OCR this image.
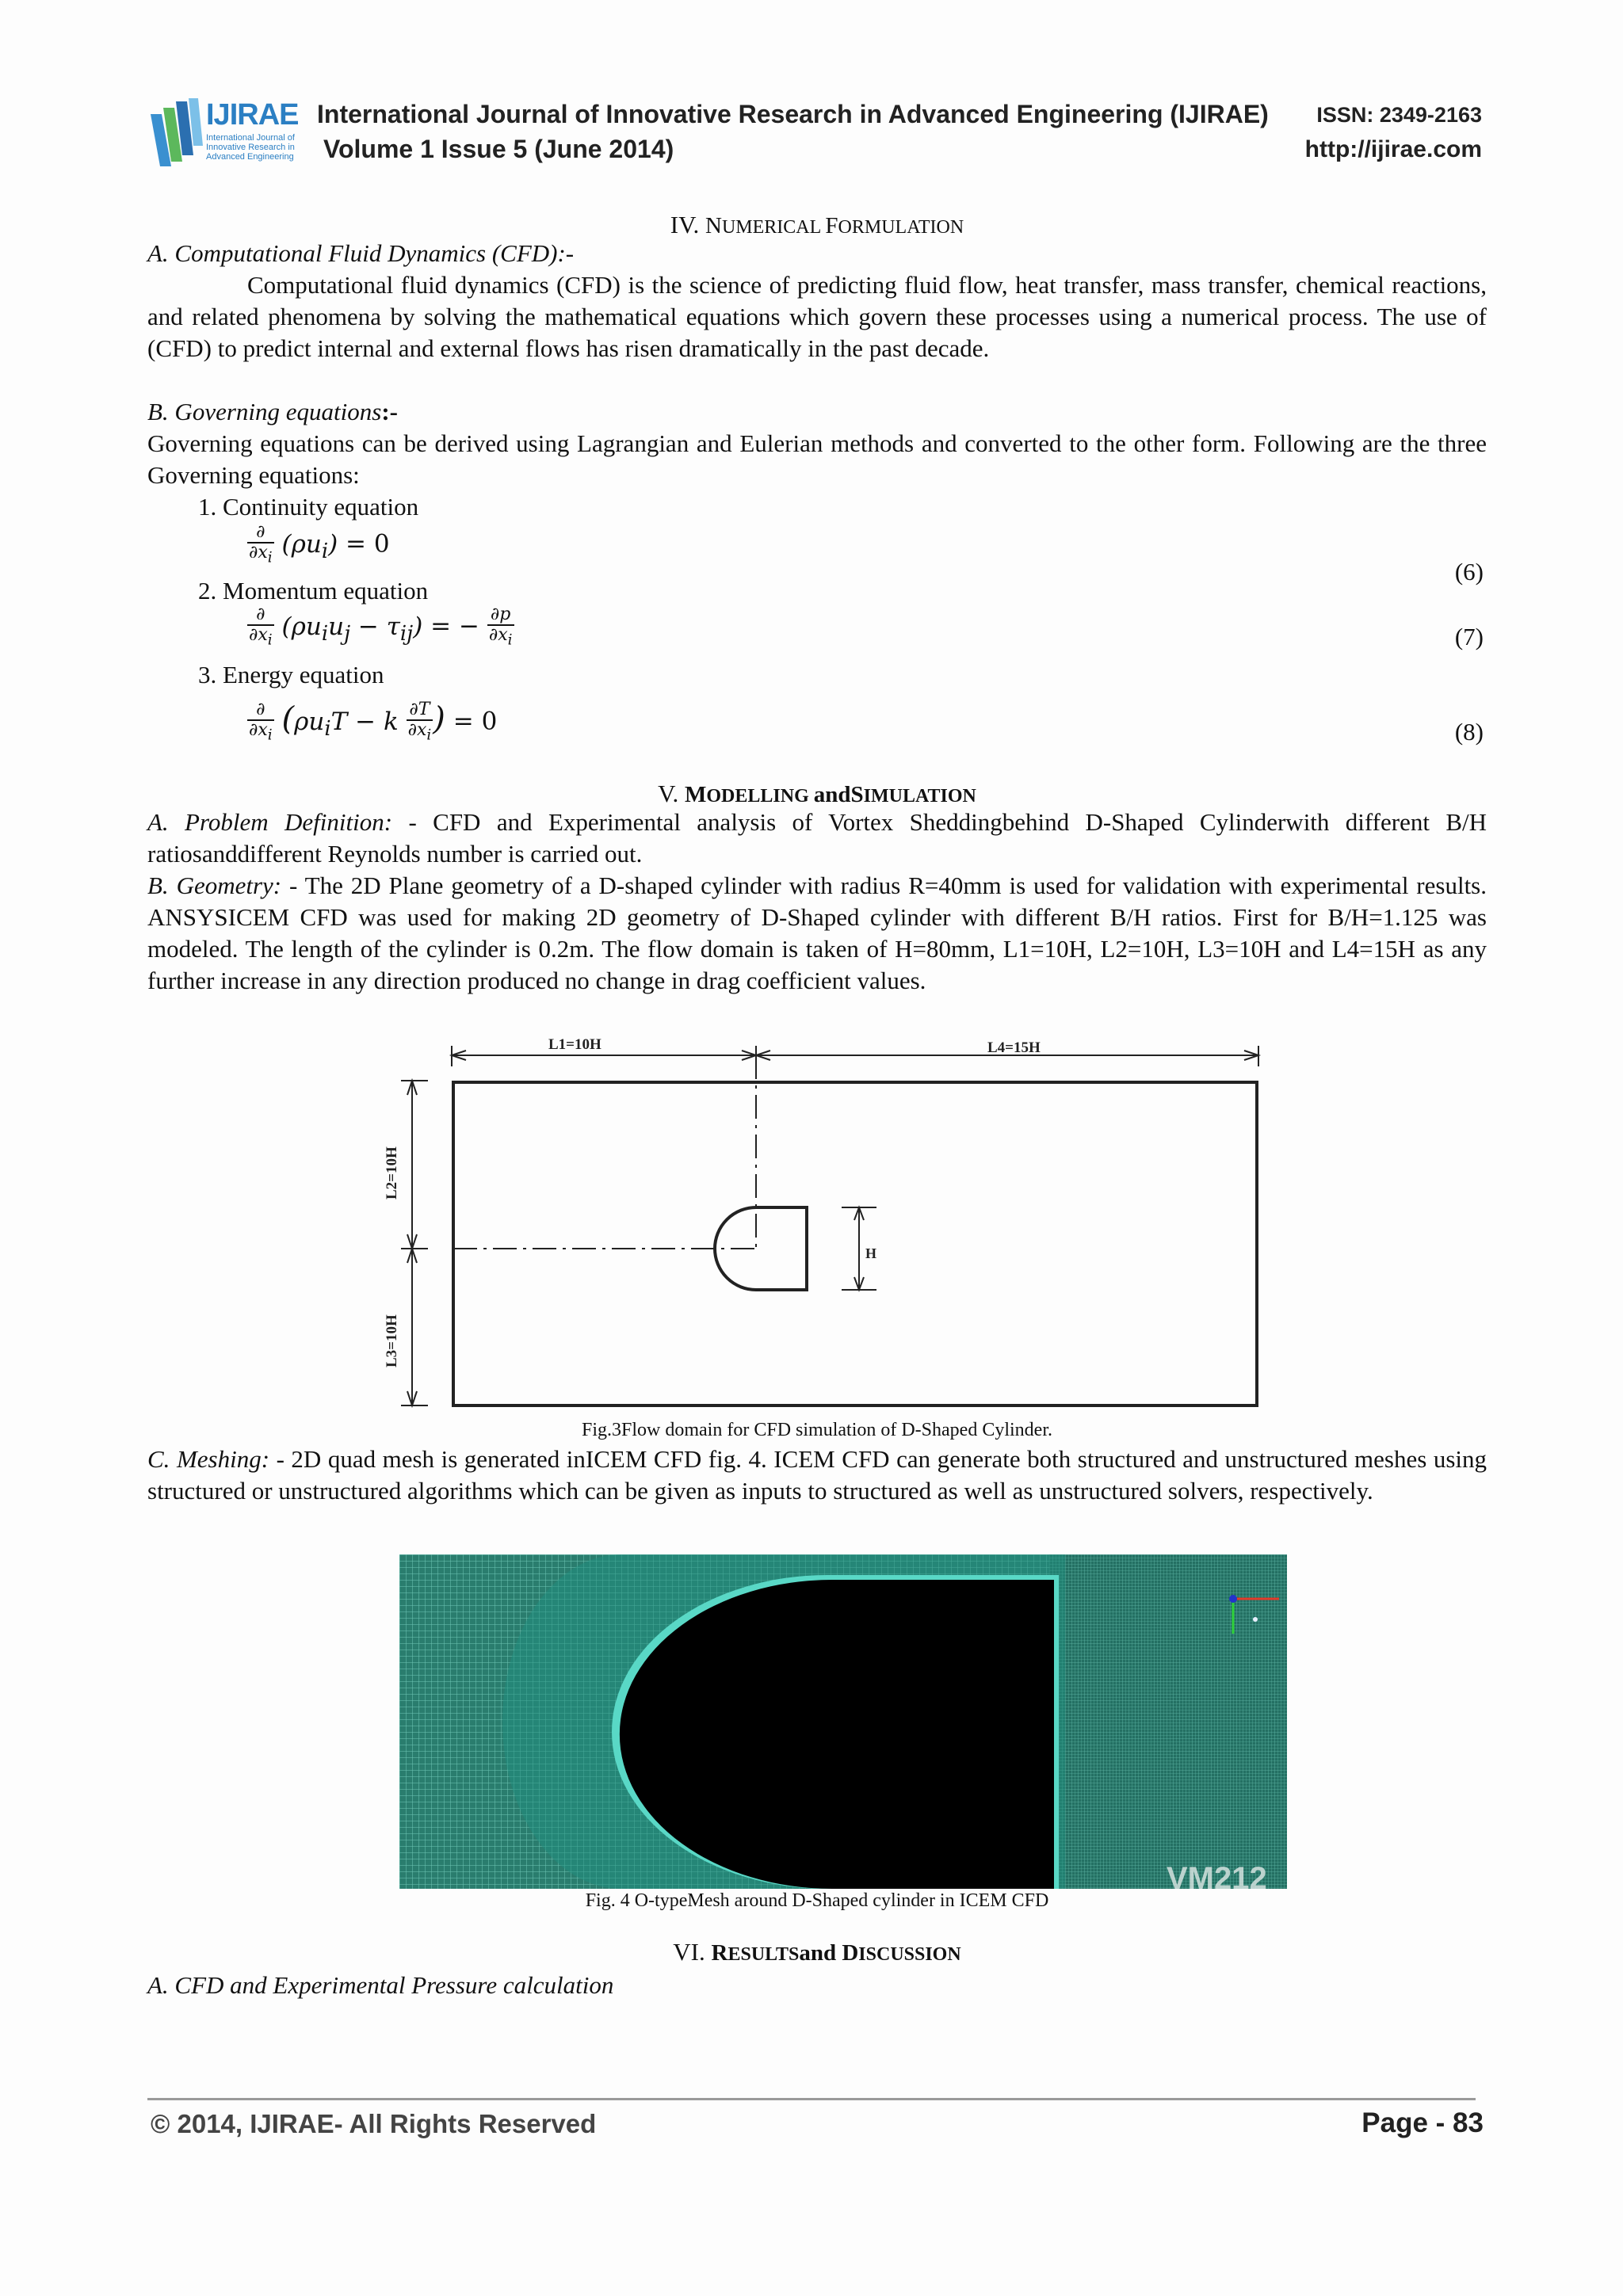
IJIRAE
International Journal of Innovative Research in Advanced Engineering
International Journal of Innovative Research in Advanced Engineering (IJIRAE) ISSN: 2349-2163
Volume 1 Issue 5 (June 2014)	http://ijirae.com
IV. NUMERICAL FORMULATION
A. Computational Fluid Dynamics (CFD):-
Computational fluid dynamics (CFD) is the science of predicting fluid flow, heat transfer, mass transfer, chemical reactions, and related phenomena by solving the mathematical equations which govern these processes using a numerical process. The use of (CFD) to predict internal and external flows has risen dramatically in the past decade.
B. Governing equations:-
Governing equations can be derived using Lagrangian and Eulerian methods and converted to the other form. Following are the three Governing equations:
1. Continuity equation
$\frac{\partial}{\partial x_i} (\rho u_i) = 0$
(6)
2. Momentum equation
$\frac{\partial}{\partial x_i} (\rho u_iu_j - \tau_{ij})$ = − $\frac{\partial p}{\partial x_i}$	(7)
3. Energy equation
$\frac{\partial}{\partial x_i} (\rho u_iT - k \frac{\partial T}{\partial x_i}$ ) = 0	(8)
V. MODELLING andSIMULATION
A. Problem Definition: - CFD and Experimental analysis of Vortex Sheddingbehind D-Shaped Cylinderwith different B/H ratiosanddifferent Reynolds number is carried out.
B. Geometry: - The 2D Plane geometry of a D-shaped cylinder with radius R=40mm is used for validation with experimental results. ANSYSICEM CFD was used for making 2D geometry of D-Shaped cylinder with different B/H ratios. First for B/H=1.125 was modeled. The length of the cylinder is 0.2m. The flow domain is taken of H=80mm, L1=10H, L2=10H, L3=10H and L4=15H as any further increase in any direction produced no change in drag coefficient values.
L1=10H	L4=15H
L2=10H
L3=10H
H
Fig.3Flow domain for CFD simulation of D-Shaped Cylinder.
C. Meshing: - 2D quad mesh is generated inICEM CFD fig. 4. ICEM CFD can generate both structured and unstructured meshes using structured or unstructured algorithms which can be given as inputs to structured as well as unstructured solvers, respectively.
VM212
Fig. 4 O-typeMesh around D-Shaped cylinder in ICEM CFD
VI. RESULTSand DISCUSSION
A. CFD and Experimental Pressure calculation
© 2014, IJIRAE- All Rights Reserved	Page - 83
